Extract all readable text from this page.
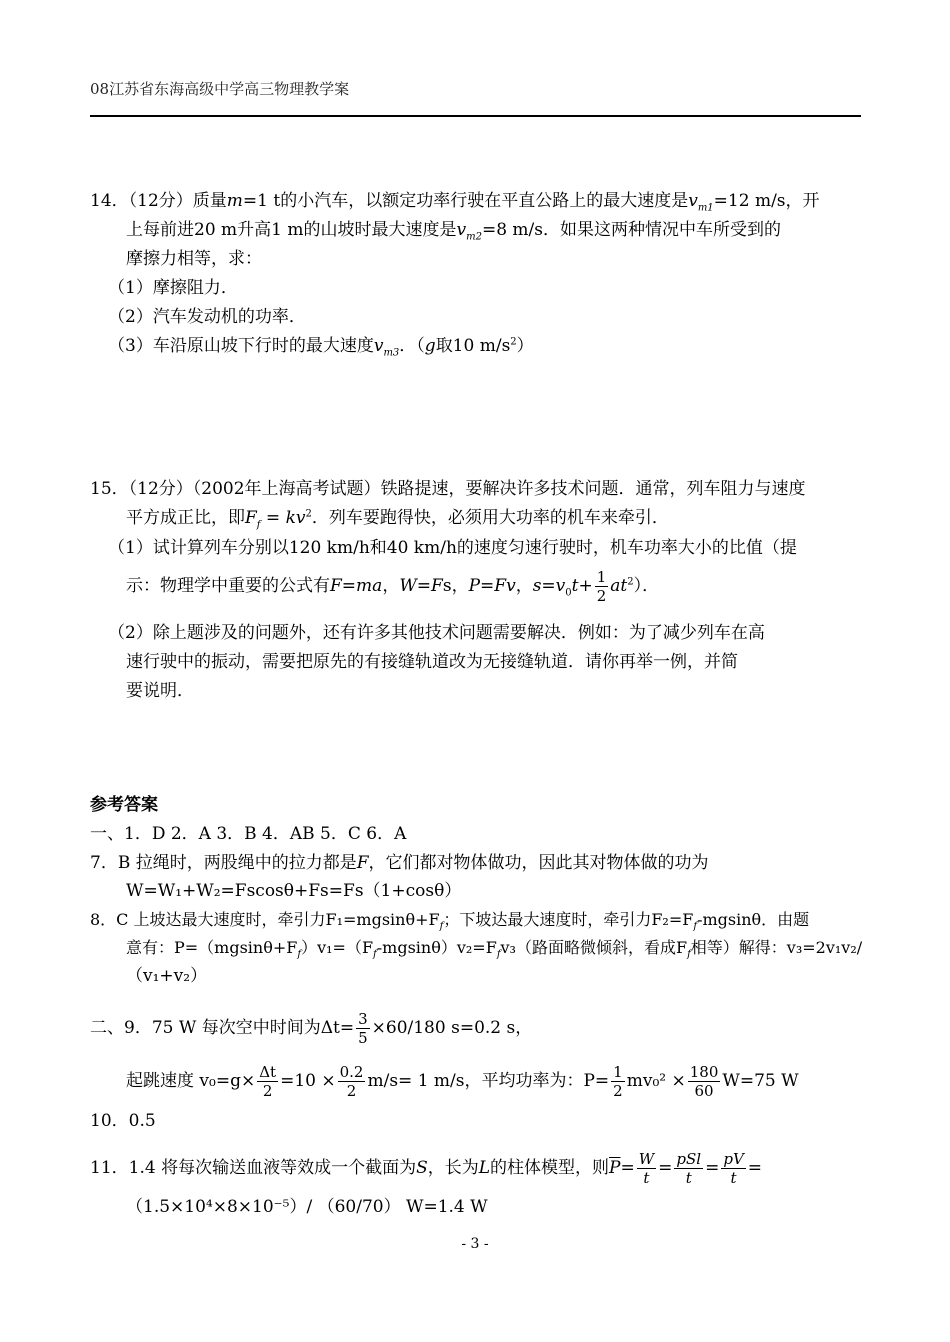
08江苏省东海高级中学高三物理教学案
14．（12分）质量m=1 t的小汽车，以额定功率行驶在平直公路上的最大速度是$v_{m1}=12$ m/s，开
上每前进20 m升高1 m的山坡时最大速度是$v_{m2}=8$ m/s．如果这两种情况中车所受到的
摩擦力相等，求：
（1）摩擦阻力．
（2）汽车发动机的功率．
（3）车沿原山坡下行时的最大速度$v_{m3}$．（g取10 $m/s^2$）
15．（12分）（2002年上海高考试题）铁路提速，要解决许多技术问题．通常，列车阻力与速度
平方成正比，即$F_f = kv^2$．列车要跑得快，必须用大功率的机车来牵引．
（1）试计算列车分别以120 km/h和40 km/h的速度匀速行驶时，机车功率大小的比值（提
示：物理学中重要的公式有F=ma，W=Fs，P=Fv，$s=v_0t+ \frac{1}{2} at^2$）．
（2）除上题涉及的问题外，还有许多其他技术问题需要解决．例如：为了减少列车在高
速行驶中的振动，需要把原先的有接缝轨道改为无接缝轨道．请你再举一例，并简
要说明．
参考答案
一、1．D 2．A 3．B 4．AB 5．C 6．A
7．B 拉绳时，两股绳中的拉力都是F，它们都对物体做功，因此其对物体做的功为
W=W₁+W₂=Fscosθ+Fs=Fs（1+cosθ）
8．C 上坡达最大速度时，牵引力$F_1=mgsin\theta+F_f$；下坡达最大速度时，牵引力$F_2=F_f$-mgsinθ．由题
意有：$P=(mgsin\theta+F_f)v_1=(F_f-mgsin\theta)v_2=F_fv_3$（路面略微倾斜，看成$F_f$相等）解得：v₃=2v₁v₂/
（v₁+v₂）
二、9．75 W 每次空中时间为$\Delta t= \frac{3}{5} \times 60/180$ s=0.2 s，
起跳速度 $v_0=g\times \frac{\Delta t}{2} =10 \times \frac{0.2}{2} m/s= 1$ m/s，平均功率为：$P= \frac{1}{2} mv_0^2 \times \frac{180}{60} W=75$ W
10．0.5
11．1.4 将每次输送血液等效成一个截面为S，长为L的柱体模型，则$\overline{P}= \frac{W}{t} = \frac{\text{pSl}}{t} = \frac{pV}{t}$ =
（1.5×10⁴×8×10⁻⁵）/ （60/70） W=1.4 W
- 3 -
